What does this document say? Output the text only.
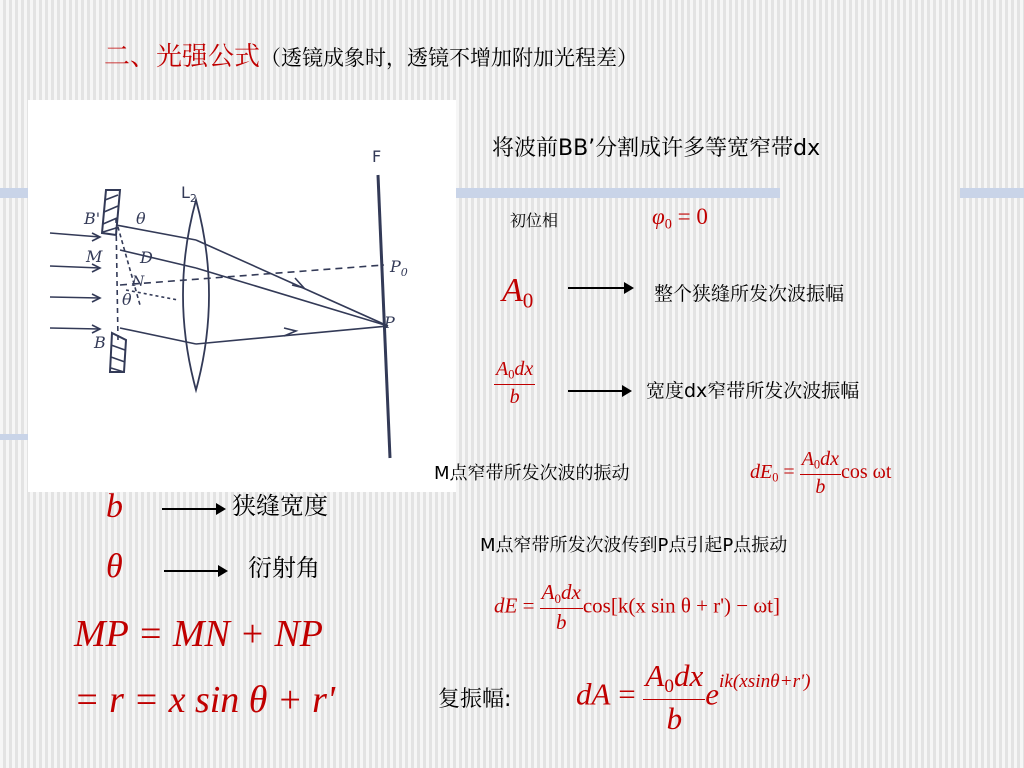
二、光强公式（透镜成象时，透镜不增加附加光程差）
B' θ
M D
N
θ
B
P
$P_0$
$L_2$
F	将波前BB’分割成许多等宽窄带dx
初位相	$\varphi_0 = 0$
$A_0$	整个狭缝所发次波振幅
$\frac{A_0dx}{b}$	宽度dx窄带所发次波振幅
M点窄带所发次波的振动	$dE_0 = \frac{A_0dx}{b}$ cos ωt
M点窄带所发次波传到P点引起P点振动
dE = $\frac{A_0dx}{b} \cos[k(x$ sin θ + r') − ωt]
b	狭缝宽度
θ	衍射角
MP = MN + NP
= r = x sin θ + r'	复振幅: dA = $\frac{A_0dx}{b} e^{ik(xsin\theta+r')}$
